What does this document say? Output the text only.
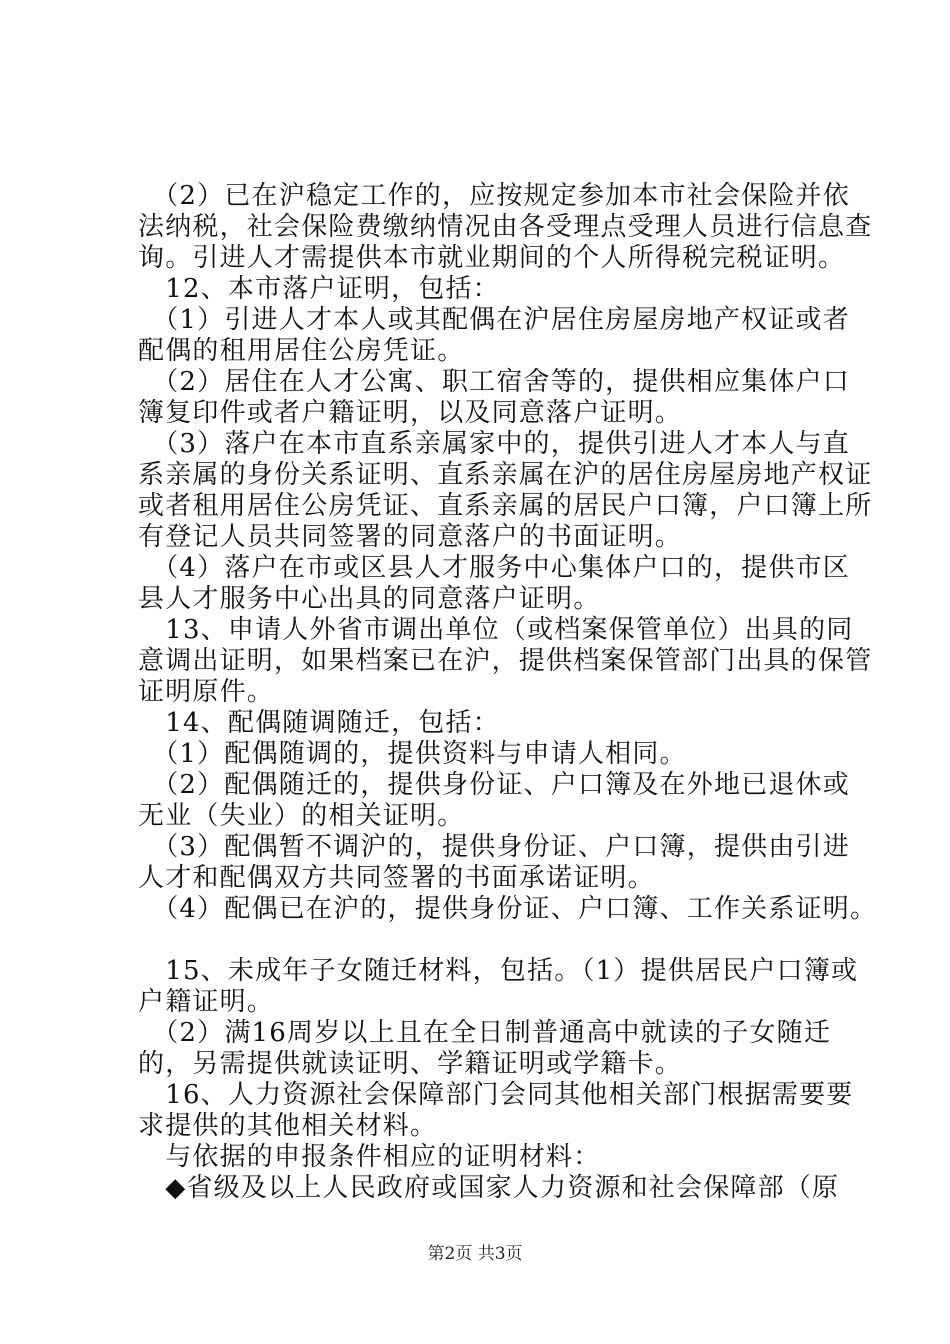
　（2）已在沪稳定工作的，应按规定参加本市社会保险并依
法纳税，社会保险费缴纳情况由各受理点受理人员进行信息查
询。引进人才需提供本市就业期间的个人所得税完税证明。
　12、本市落户证明，包括：
　（1）引进人才本人或其配偶在沪居住房屋房地产权证或者
配偶的租用居住公房凭证。
　（2）居住在人才公寓、职工宿舍等的，提供相应集体户口
簿复印件或者户籍证明，以及同意落户证明。
　（3）落户在本市直系亲属家中的，提供引进人才本人与直
系亲属的身份关系证明、直系亲属在沪的居住房屋房地产权证
或者租用居住公房凭证、直系亲属的居民户口簿，户口簿上所
有登记人员共同签署的同意落户的书面证明。
　（4）落户在市或区县人才服务中心集体户口的，提供市区
县人才服务中心出具的同意落户证明。
　13、申请人外省市调出单位（或档案保管单位）出具的同
意调出证明，如果档案已在沪，提供档案保管部门出具的保管
证明原件。
　14、配偶随调随迁，包括：
　（1）配偶随调的，提供资料与申请人相同。
　（2）配偶随迁的，提供身份证、户口簿及在外地已退休或
无业（失业）的相关证明。
　（3）配偶暂不调沪的，提供身份证、户口簿，提供由引进
人才和配偶双方共同签署的书面承诺证明。
　（4）配偶已在沪的，提供身份证、户口簿、工作关系证明。
　15、未成年子女随迁材料，包括。（1）提供居民户口簿或
户籍证明。
　（2）满16周岁以上且在全日制普通高中就读的子女随迁
的，另需提供就读证明、学籍证明或学籍卡。
　16、人力资源社会保障部门会同其他相关部门根据需要要
求提供的其他相关材料。
　与依据的申报条件相应的证明材料：
　◆省级及以上人民政府或国家人力资源和社会保障部（原
第2页 共3页
